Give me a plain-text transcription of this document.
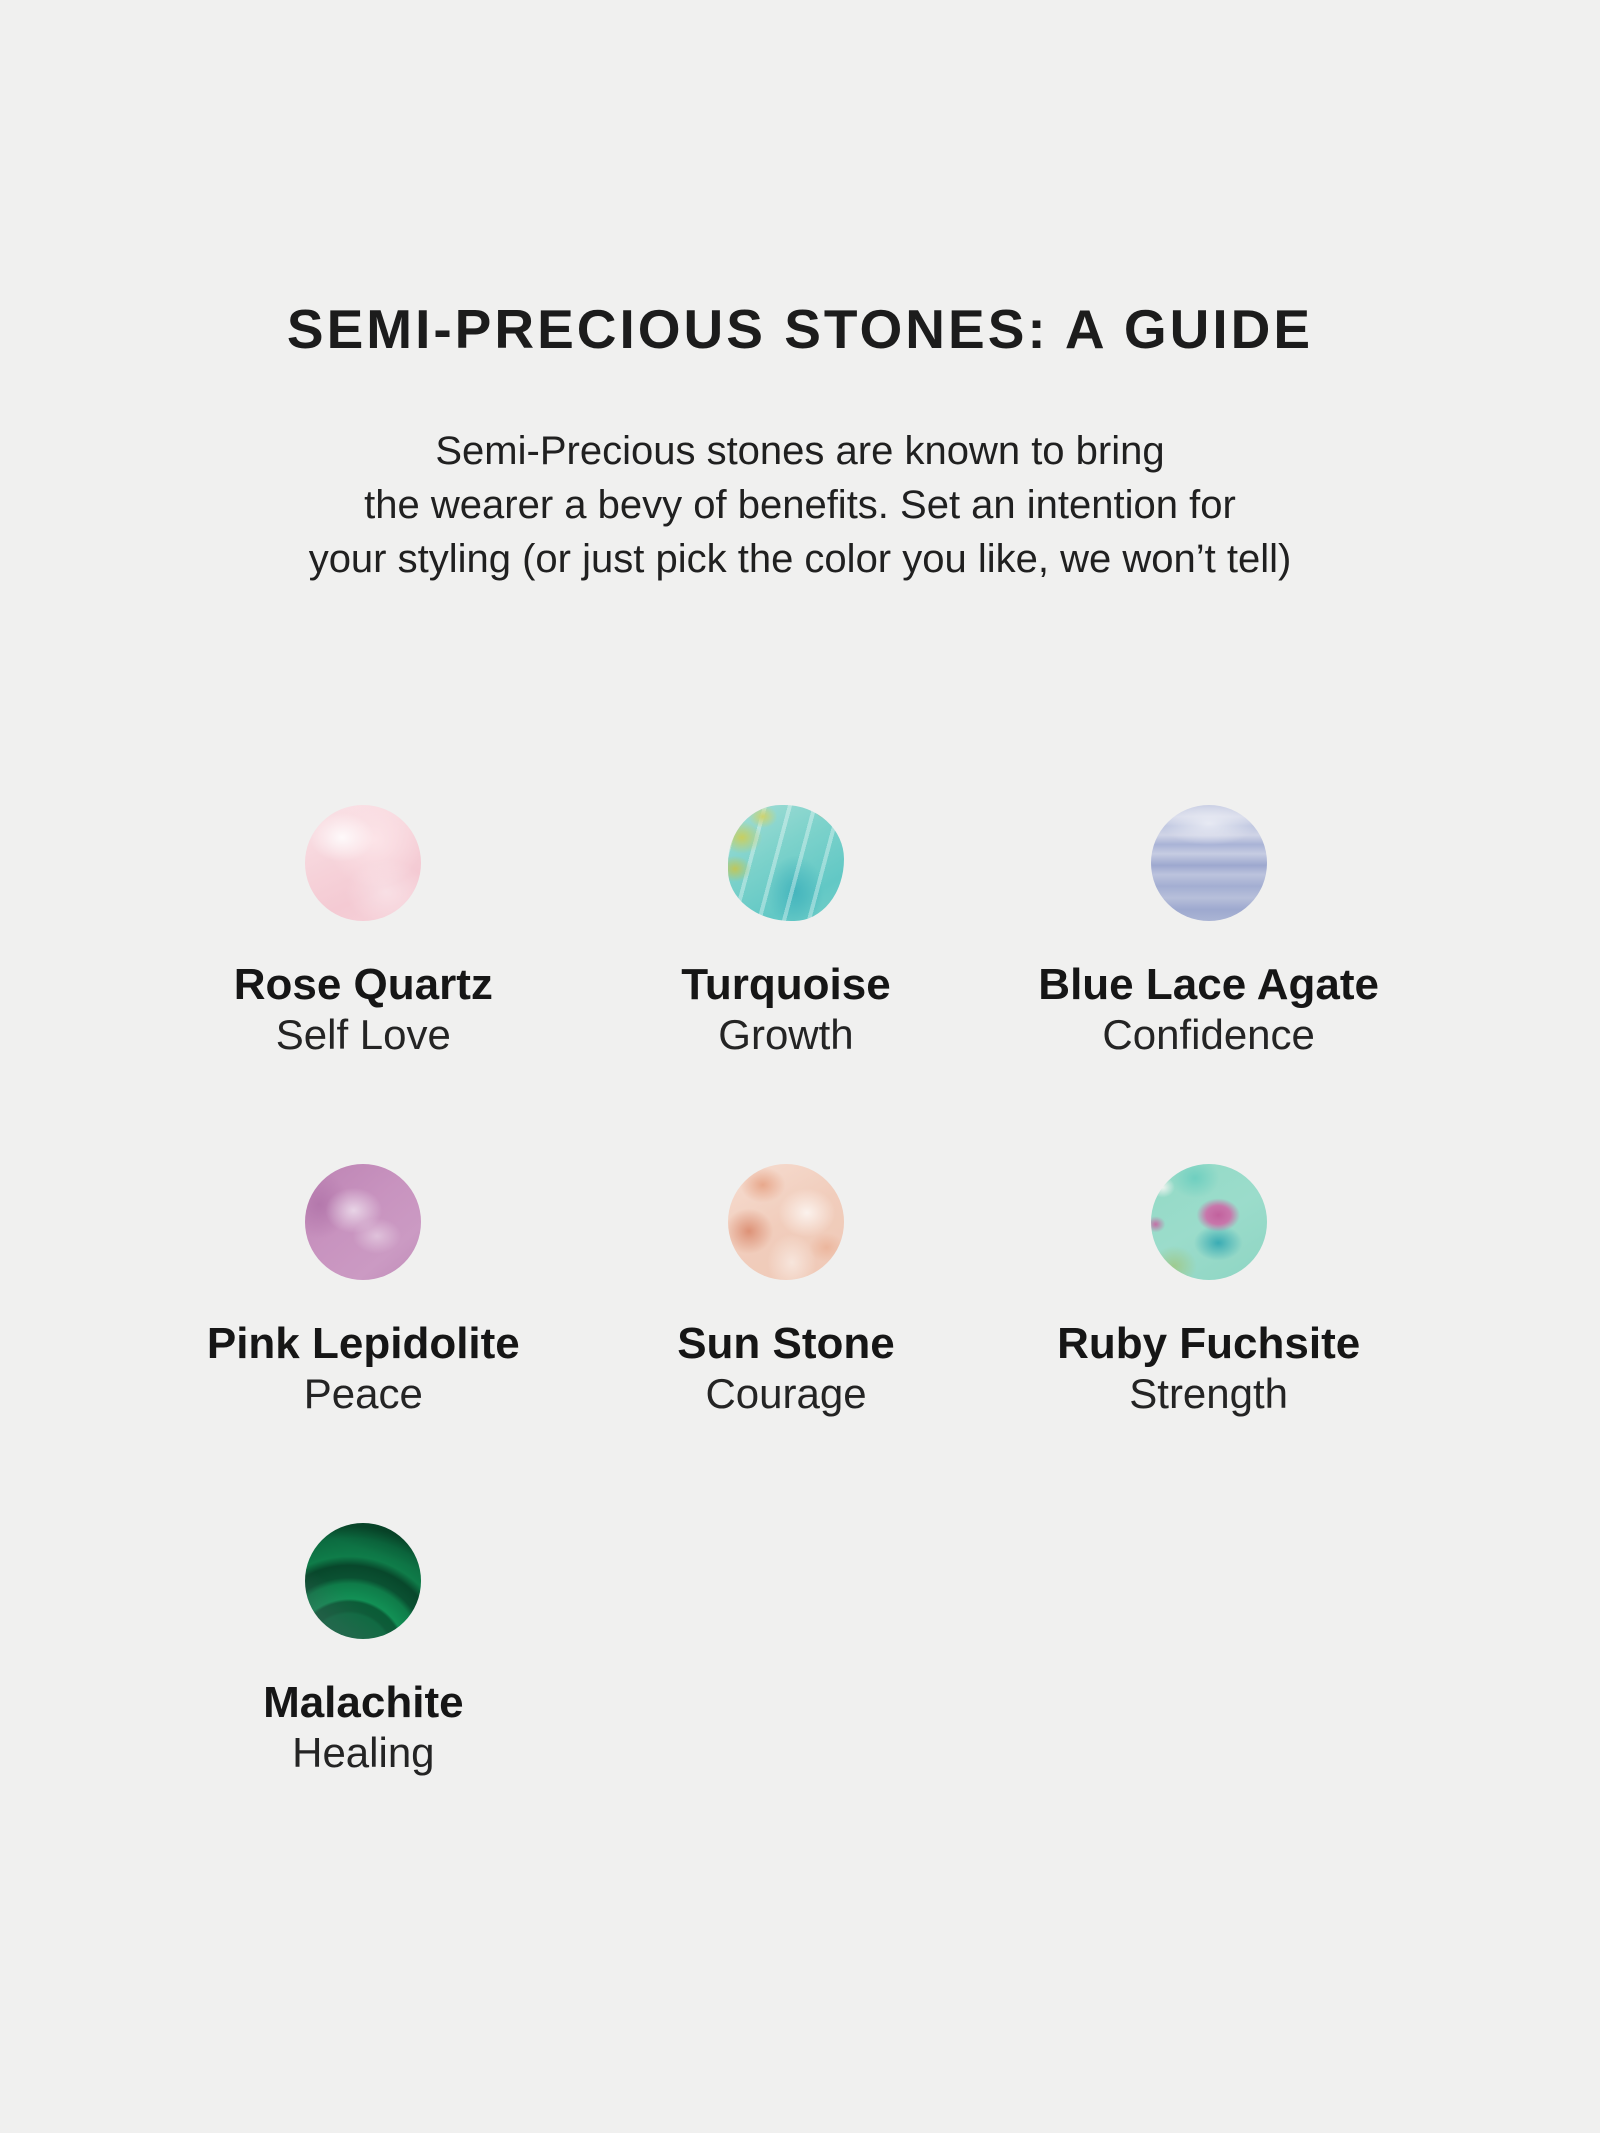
SEMI-PRECIOUS STONES: A GUIDE
Semi-Precious stones are known to bring
the wearer a bevy of benefits. Set an intention for
your styling (or just pick the color you like, we won’t tell)
Rose Quartz
Self Love
Turquoise
Growth
Blue Lace Agate
Confidence
Pink Lepidolite
Peace
Sun Stone
Courage
Ruby Fuchsite
Strength
Malachite
Healing
